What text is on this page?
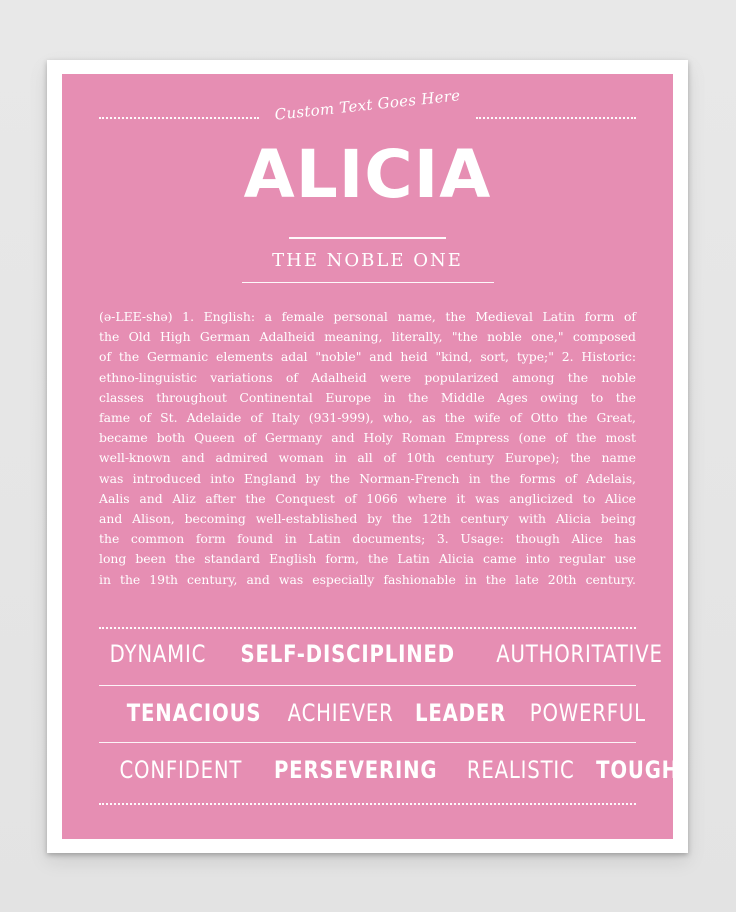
Custom Text Goes Here
ALICIA
THE NOBLE ONE
(ə-LEE-shə) 1. English: a female personal name, the Medieval Latin form of
the Old High German Adalheid meaning, literally, "the noble one," composed
of the Germanic elements adal "noble" and heid "kind, sort, type;" 2. Historic:
ethno-linguistic variations of Adalheid were popularized among the noble
classes throughout Continental Europe in the Middle Ages owing to the
fame of St. Adelaide of Italy (931-999), who, as the wife of Otto the Great,
became both Queen of Germany and Holy Roman Empress (one of the most
well-known and admired woman in all of 10th century Europe); the name
was introduced into England by the Norman-French in the forms of Adelais,
Aalis and Aliz after the Conquest of 1066 where it was anglicized to Alice
and Alison, becoming well-established by the 12th century with Alicia being
the common form found in Latin documents; 3. Usage: though Alice has
long been the standard English form, the Latin Alicia came into regular use
in the 19th century, and was especially fashionable in the late 20th century.
DYNAMIC SELF-DISCIPLINED AUTHORITATIVE
TENACIOUS ACHIEVER LEADER POWERFUL
CONFIDENT PERSEVERING REALISTIC TOUGH
